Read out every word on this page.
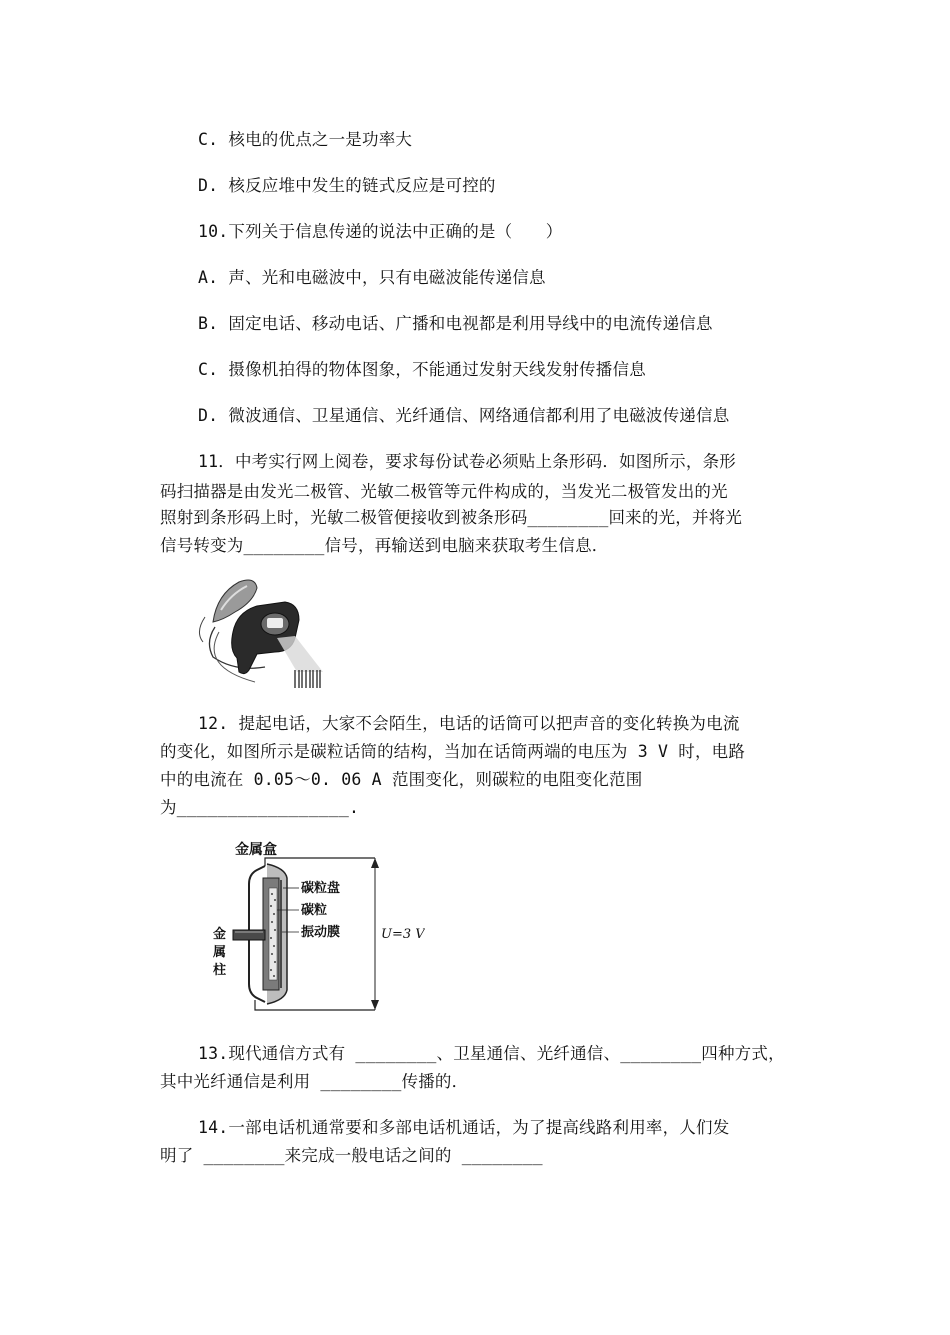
C. 核电的优点之一是功率大
D. 核反应堆中发生的链式反应是可控的
10.下列关于信息传递的说法中正确的是（　　）
A. 声、光和电磁波中，只有电磁波能传递信息
B. 固定电话、移动电话、广播和电视都是利用导线中的电流传递信息
C. 摄像机拍得的物体图象，不能通过发射天线发射传播信息
D. 微波通信、卫星通信、光纤通信、网络通信都利用了电磁波传递信息
11．中考实行网上阅卷，要求每份试卷必须贴上条形码．如图所示，条形
码扫描器是由发光二极管、光敏二极管等元件构成的，当发光二极管发出的光
照射到条形码上时，光敏二极管便接收到被条形码________回来的光，并将光
信号转变为________信号，再输送到电脑来获取考生信息．
12. 提起电话，大家不会陌生，电话的话筒可以把声音的变化转换为电流
的变化，如图所示是碳粒话筒的结构，当加在话筒两端的电压为 3 V 时，电路
中的电流在 0.05～0. 06 A 范围变化，则碳粒的电阻变化范围
为_________________.
金属盒
碳粒盘
碳粒
振动膜	U=3 V
金
属
柱
13.现代通信方式有 ________、卫星通信、光纤通信、________四种方式，
其中光纤通信是利用 ________传播的．
14.一部电话机通常要和多部电话机通话，为了提高线路利用率，人们发
明了 ________来完成一般电话之间的 ________
